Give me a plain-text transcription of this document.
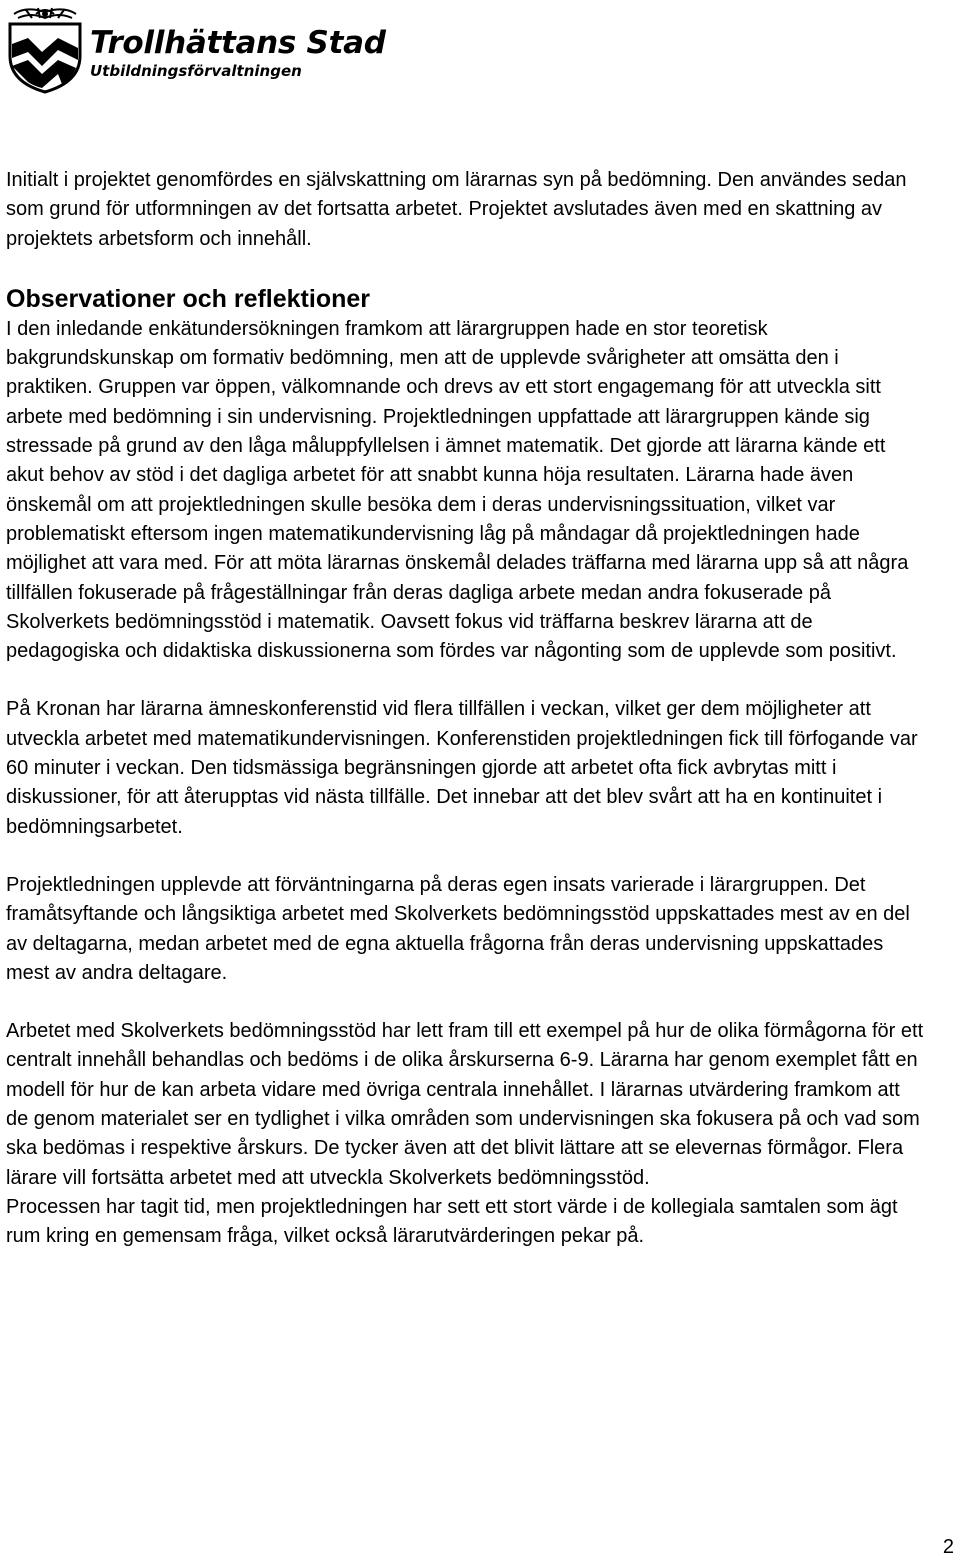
Trollhättans Stad
Utbildningsförvaltningen

Initialt i projektet genomfördes en självskattning om lärarnas syn på bedömning. Den användes sedan som grund för utformningen av det fortsatta arbetet. Projektet avslutades även med en skattning av projektets arbetsform och innehåll.

Observationer och reflektioner

I den inledande enkätundersökningen framkom att lärargruppen hade en stor teoretisk bakgrundskunskap om formativ bedömning, men att de upplevde svårigheter att omsätta den i praktiken. Gruppen var öppen, välkomnande och drevs av ett stort engagemang för att utveckla sitt arbete med bedömning i sin undervisning. Projektledningen uppfattade att lärargruppen kände sig stressade på grund av den låga måluppfyllelsen i ämnet matematik. Det gjorde att lärarna kände ett akut behov av stöd i det dagliga arbetet för att snabbt kunna höja resultaten. Lärarna hade även önskemål om att projektledningen skulle besöka dem i deras undervisningssituation, vilket var problematiskt eftersom ingen matematikundervisning låg på måndagar då projektledningen hade möjlighet att vara med. För att möta lärarnas önskemål delades träffarna med lärarna upp så att några tillfällen fokuserade på frågeställningar från deras dagliga arbete medan andra fokuserade på Skolverkets bedömningsstöd i matematik. Oavsett fokus vid träffarna beskrev lärarna att de pedagogiska och didaktiska diskussionerna som fördes var någonting som de upplevde som positivt.

På Kronan har lärarna ämneskonferenstid vid flera tillfällen i veckan, vilket ger dem möjligheter att utveckla arbetet med matematikundervisningen. Konferenstiden projektledningen fick till förfogande var 60 minuter i veckan. Den tidsmässiga begränsningen gjorde att arbetet ofta fick avbrytas mitt i diskussioner, för att återupptas vid nästa tillfälle. Det innebar att det blev svårt att ha en kontinuitet i bedömningsarbetet.

Projektledningen upplevde att förväntningarna på deras egen insats varierade i lärargruppen. Det framåtsyftande och långsiktiga arbetet med Skolverkets bedömningsstöd uppskattades mest av en del av deltagarna, medan arbetet med de egna aktuella frågorna från deras undervisning uppskattades mest av andra deltagare.

Arbetet med Skolverkets bedömningsstöd har lett fram till ett exempel på hur de olika förmågorna för ett centralt innehåll behandlas och bedöms i de olika årskurserna 6-9. Lärarna har genom exemplet fått en modell för hur de kan arbeta vidare med övriga centrala innehållet. I lärarnas utvärdering framkom att de genom materialet ser en tydlighet i vilka områden som undervisningen ska fokusera på och vad som ska bedömas i respektive årskurs. De tycker även att det blivit lättare att se elevernas förmågor. Flera lärare vill fortsätta arbetet med att utveckla Skolverkets bedömningsstöd.

Processen har tagit tid, men projektledningen har sett ett stort värde i de kollegiala samtalen som ägt rum kring en gemensam fråga, vilket också lärarutvärderingen pekar på.

2
